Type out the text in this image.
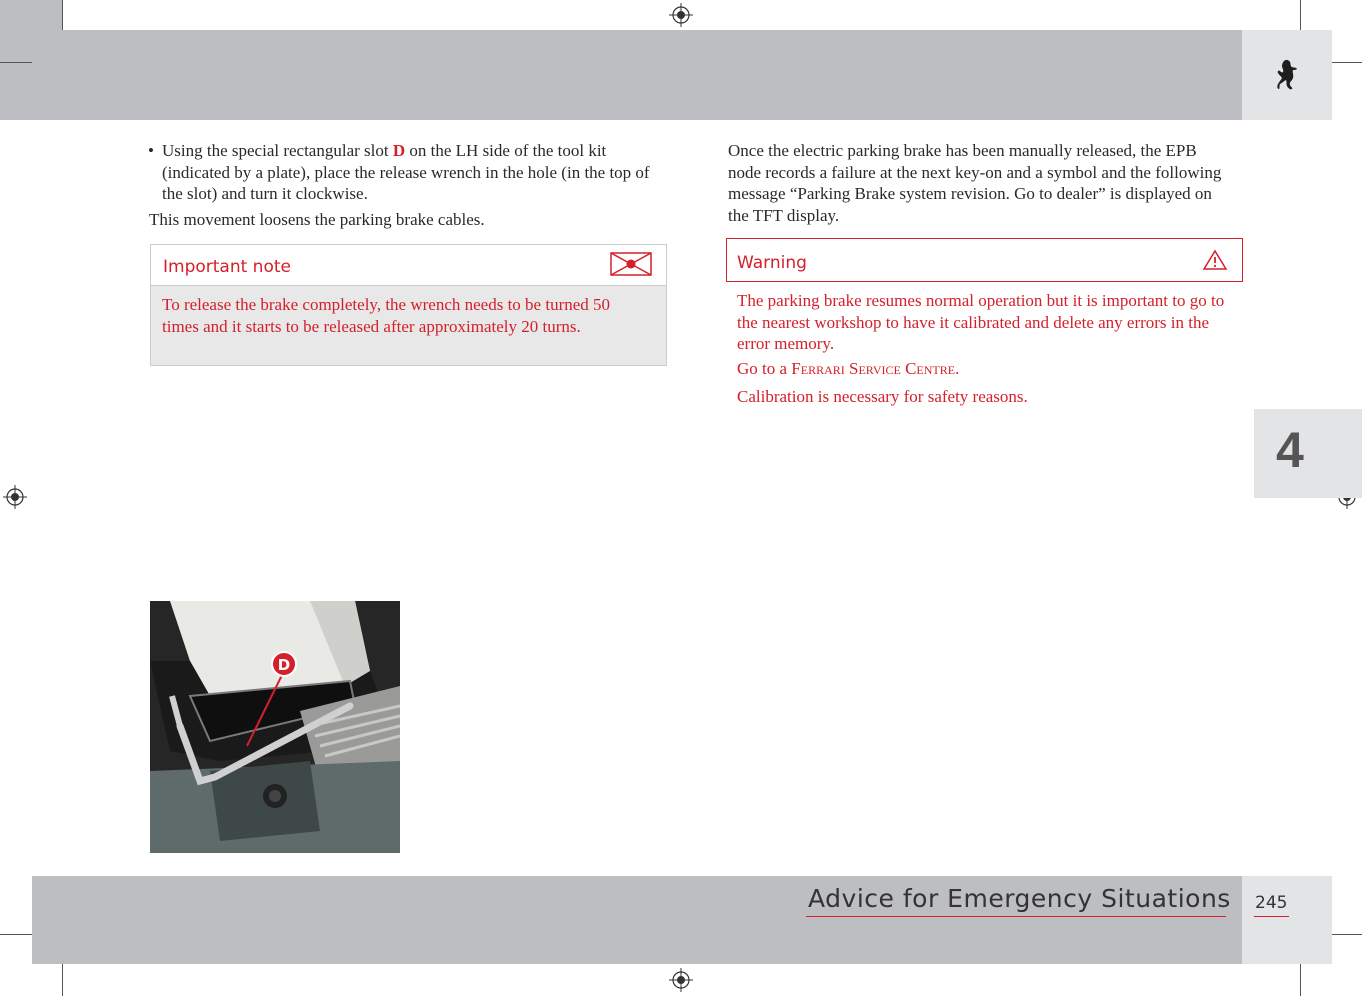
4
• Using the special rectangular slot D on the LH side of the tool kit (indicated by a plate), place the release wrench in the hole (in the top of the slot) and turn it clockwise.
This movement loosens the parking brake cables.
Important note
To release the brake completely, the wrench needs to be turned 50 times and it starts to be released after approximately 20 turns.
D
Once the electric parking brake has been manually released, the EPB node records a failure at the next key-on and a symbol and the following message “Parking Brake system revision. Go to dealer” is displayed on the TFT display.
Warning
The parking brake resumes normal operation but it is important to go to the nearest workshop to have it calibrated and delete any errors in the error memory.
Go to a Ferrari Service Centre.
Calibration is necessary for safety reasons.
Advice for Emergency Situations 245
